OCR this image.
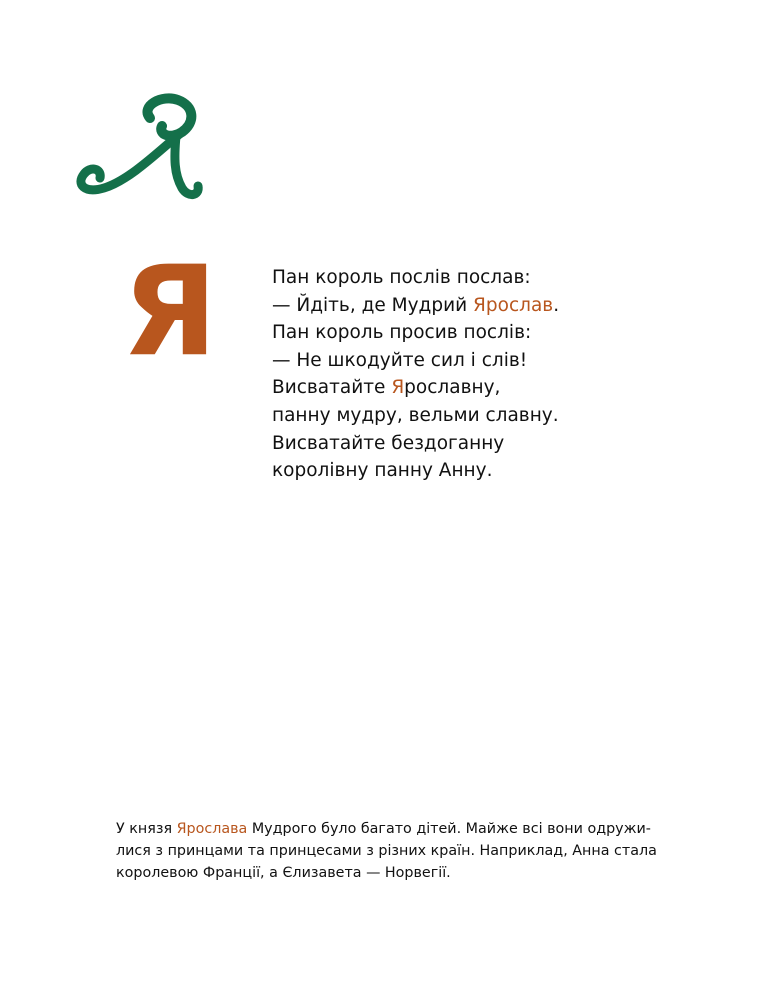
Я	Пан король послів послав:
— Йдіть, де Мудрий Ярослав.
Пан король просив послів:
— Не шкодуйте сил і слів!
Висватайте Ярославну,
панну мудру, вельми славну.
Висватайте бездоганну
королівну панну Анну.
У князя Ярослава Мудрого було багато дітей. Майже всі вони одружи-
лися з принцами та принцесами з різних країн. Наприклад, Анна стала
королевою Франції, а Єлизавета — Норвегії.
